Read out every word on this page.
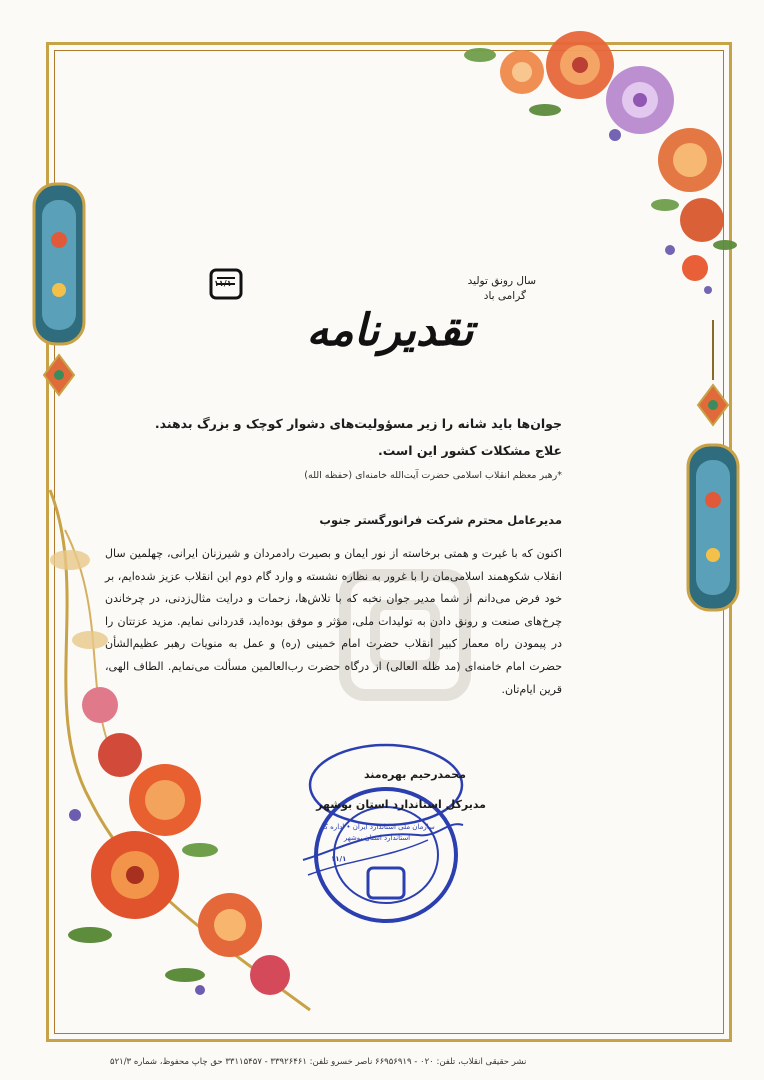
سال رونق تولید
گرامی باد
۱۱/۱
تقدیرنامه
جوان‌ها باید شانه را زیر مسؤولیت‌های دشوار کوچک و بزرگ بدهند.
علاج مشکلات کشور این است.
*رهبر معظم انقلاب اسلامی حضرت آیت‌الله خامنه‌ای (حفظه الله)
مدیرعامل محترم شرکت فرانورگستر جنوب
اکنون که با غیرت و همتی برخاسته از نور ایمان و بصیرت رادمردان و شیرزنان ایرانی، چهلمین سال انقلاب شکوهمند اسلامی‌مان را با غرور به نظاره نشسته و وارد گام دوم این انقلاب عزیز شده‌ایم، بر خود فرض می‌دانم از شما مدیر جوان نخبه که با تلاش‌ها، زحمات و درایت مثال‌زدنی، در چرخاندن چرخ‌های صنعت و رونق دادن به تولیدات ملی، مؤثر و موفق بوده‌اید، قدردانی نمایم. مزید عزتتان را در پیمودن راه معمار کبیر انقلاب حضرت امام خمینی (ره) و عمل به منویات رهبر عظیم‌الشأن حضرت امام خامنه‌ای (مد ظله العالی) از درگاه حضرت رب‌العالمین مسألت می‌نمایم. الطاف الهی، قرین ایام‌تان.
۱۱/۱
سازمان ملی استاندارد ایران • اداره کل استاندارد استان بوشهر
محمدرحیم بهره‌مند
مدیرکل استاندارد استان بوشهر
نشر حقیقی انقلاب، تلفن: ۰۲۰ - ۶۶۹۵۶۹۱۹ ناصر خسرو تلفن: ۳۳۹۲۶۴۶۱ - ۳۳۱۱۵۴۵۷ حق چاپ محفوظ، شماره ۵۲۱/۳
